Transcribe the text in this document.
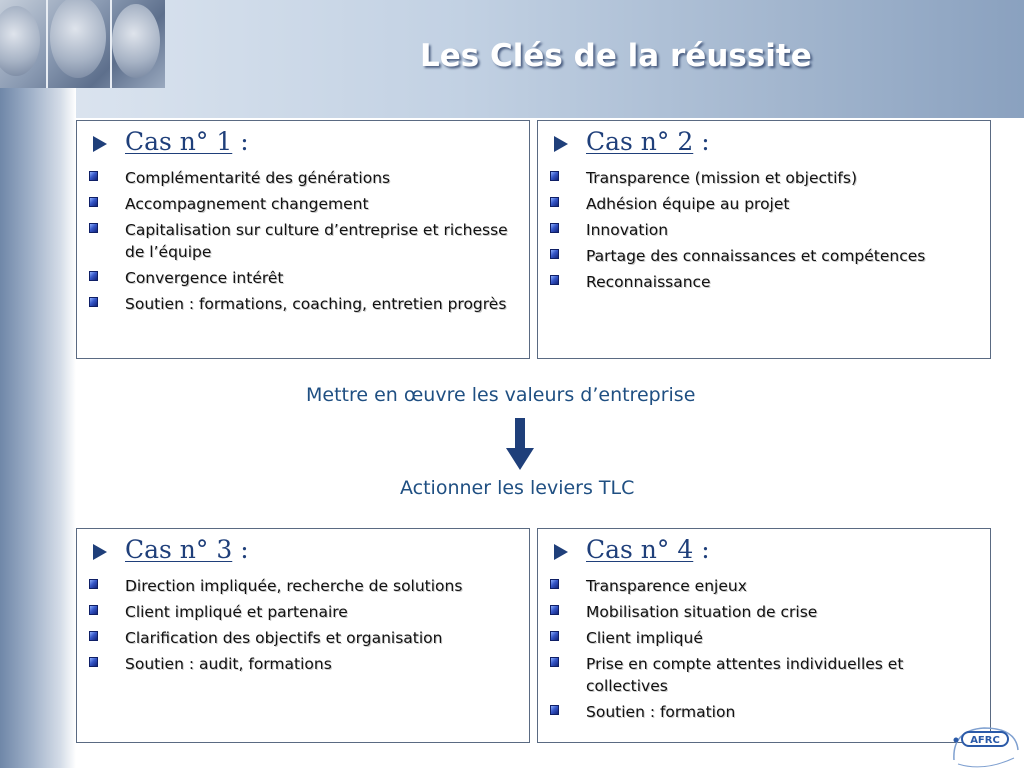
Les Clés de la réussite
Cas n° 1 :
Complémentarité des générations
Accompagnement changement
Capitalisation sur culture d’entreprise et richesse de l’équipe
Convergence intérêt
Soutien : formations, coaching, entretien progrès
Cas n° 2 :
Transparence (mission et objectifs)
Adhésion équipe au projet
Innovation
Partage des connaissances et compétences
Reconnaissance

Mettre en œuvre les valeurs d’entreprise

Actionner les leviers TLC

Cas n° 3 :
Direction impliquée, recherche de solutions
Client impliqué et partenaire
Clarification des objectifs et organisation
Soutien : audit, formations
Cas n° 4 :
Transparence enjeux
Mobilisation situation de crise
Client impliqué
Prise en compte attentes individuelles et collectives
Soutien : formation
AFRC
